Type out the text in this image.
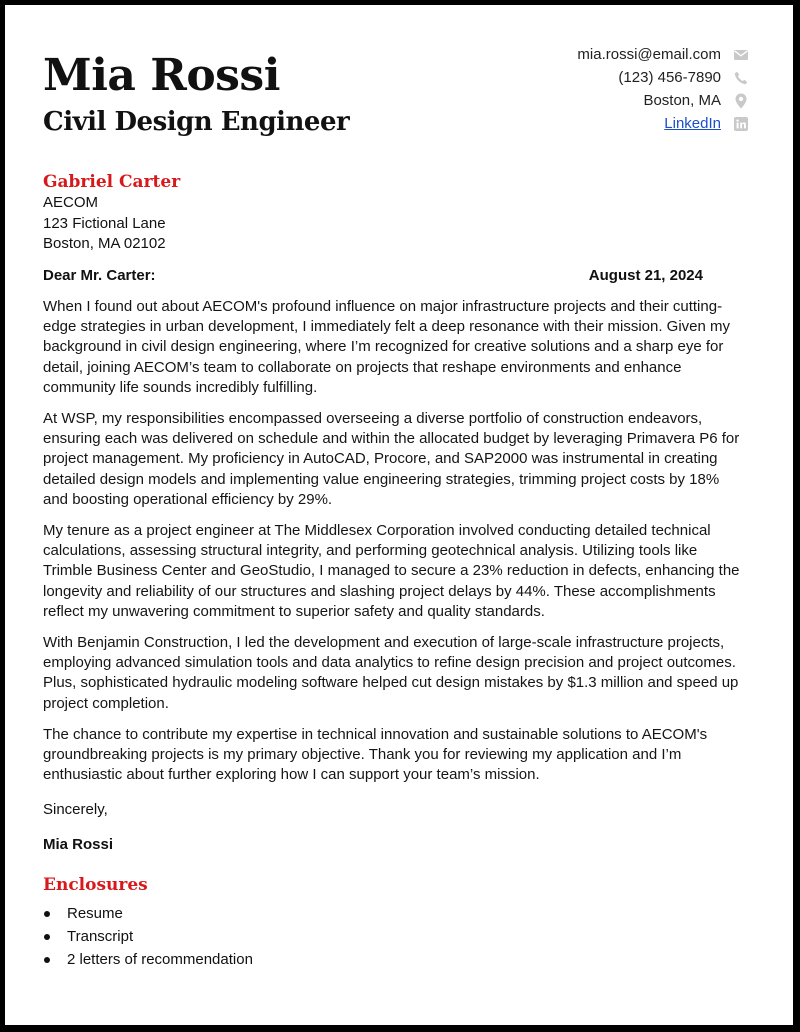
Mia Rossi
Civil Design Engineer
mia.rossi@email.com
(123) 456-7890
Boston, MA
LinkedIn
Gabriel Carter
AECOM
123 Fictional Lane
Boston, MA 02102
Dear Mr. Carter:	August 21, 2024

When I found out about AECOM's profound influence on major infrastructure projects and their cutting-edge strategies in urban development, I immediately felt a deep resonance with their mission. Given my background in civil design engineering, where I’m recognized for creative solutions and a sharp eye for detail, joining AECOM’s team to collaborate on projects that reshape environments and enhance community life sounds incredibly fulfilling.

At WSP, my responsibilities encompassed overseeing a diverse portfolio of construction endeavors, ensuring each was delivered on schedule and within the allocated budget by leveraging Primavera P6 for project management. My proficiency in AutoCAD, Procore, and SAP2000 was instrumental in creating detailed design models and implementing value engineering strategies, trimming project costs by 18% and boosting operational efficiency by 29%.

My tenure as a project engineer at The Middlesex Corporation involved conducting detailed technical calculations, assessing structural integrity, and performing geotechnical analysis. Utilizing tools like Trimble Business Center and GeoStudio, I managed to secure a 23% reduction in defects, enhancing the longevity and reliability of our structures and slashing project delays by 44%. These accomplishments reflect my unwavering commitment to superior safety and quality standards.

With Benjamin Construction, I led the development and execution of large-scale infrastructure projects, employing advanced simulation tools and data analytics to refine design precision and project outcomes. Plus, sophisticated hydraulic modeling software helped cut design mistakes by $1.3 million and speed up project completion.

The chance to contribute my expertise in technical innovation and sustainable solutions to AECOM's groundbreaking projects is my primary objective. Thank you for reviewing my application and I’m enthusiastic about further exploring how I can support your team’s mission.

Sincerely,
Mia Rossi
Enclosures
Resume
Transcript
2 letters of recommendation
